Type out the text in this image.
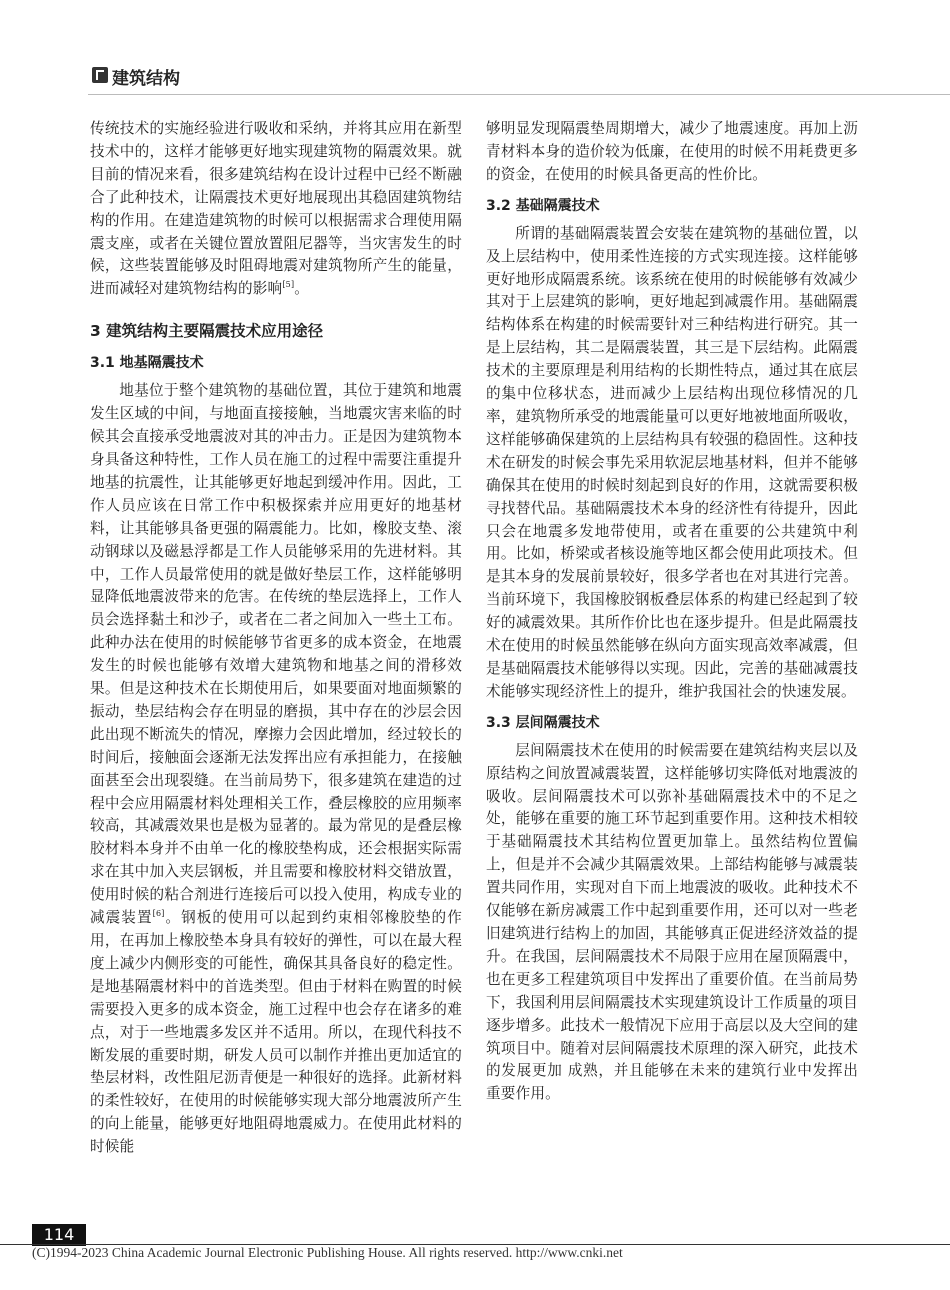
建筑结构

传统技术的实施经验进行吸收和采纳，并将其应用在新型技术中的，这样才能够更好地实现建筑物的隔震效果。就目前的情况来看，很多建筑结构在设计过程中已经不断融合了此种技术，让隔震技术更好地展现出其稳固建筑物结构的作用。在建造建筑物的时候可以根据需求合理使用隔震支座，或者在关键位置放置阻尼器等，当灾害发生的时候，这些装置能够及时阻碍地震对建筑物所产生的能量，进而减轻对建筑物结构的影响[5]。

3 建筑结构主要隔震技术应用途径
3.1 地基隔震技术

地基位于整个建筑物的基础位置，其位于建筑和地震发生区域的中间，与地面直接接触，当地震灾害来临的时候其会直接承受地震波对其的冲击力。正是因为建筑物本身具备这种特性，工作人员在施工的过程中需要注重提升地基的抗震性，让其能够更好地起到缓冲作用。因此，工作人员应该在日常工作中积极探索并应用更好的地基材料，让其能够具备更强的隔震能力。比如，橡胶支垫、滚动钢球以及磁悬浮都是工作人员能够采用的先进材料。其中，工作人员最常使用的就是做好垫层工作，这样能够明显降低地震波带来的危害。在传统的垫层选择上，工作人员会选择黏土和沙子，或者在二者之间加入一些土工布。此种办法在使用的时候能够节省更多的成本资金，在地震发生的时候也能够有效增大建筑物和地基之间的滑移效果。但是这种技术在长期使用后，如果要面对地面频繁的振动，垫层结构会存在明显的磨损，其中存在的沙层会因此出现不断流失的情况，摩擦力会因此增加，经过较长的时间后，接触面会逐渐无法发挥出应有承担能力，在接触面甚至会出现裂缝。在当前局势下，很多建筑在建造的过程中会应用隔震材料处理相关工作，叠层橡胶的应用频率较高，其减震效果也是极为显著的。最为常见的是叠层橡胶材料本身并不由单一化的橡胶垫构成，还会根据实际需求在其中加入夹层钢板，并且需要和橡胶材料交错放置，使用时候的粘合剂进行连接后可以投入使用，构成专业的减震装置[6]。钢板的使用可以起到约束相邻橡胶垫的作用，在再加上橡胶垫本身具有较好的弹性，可以在最大程度上减少内侧形变的可能性，确保其具备良好的稳定性。是地基隔震材料中的首选类型。但由于材料在购置的时候需要投入更多的成本资金，施工过程中也会存在诸多的难点，对于一些地震多发区并不适用。所以，在现代科技不断发展的重要时期，研发人员可以制作并推出更加适宜的垫层材料，改性阻尼沥青便是一种很好的选择。此新材料的柔性较好，在使用的时候能够实现大部分地震波所产生的向上能量，能够更好地阻碍地震威力。在使用此材料的时候能

够明显发现隔震垫周期增大，减少了地震速度。再加上沥青材料本身的造价较为低廉，在使用的时候不用耗费更多的资金，在使用的时候具备更高的性价比。

3.2 基础隔震技术

所谓的基础隔震装置会安装在建筑物的基础位置，以及上层结构中，使用柔性连接的方式实现连接。这样能够更好地形成隔震系统。该系统在使用的时候能够有效减少其对于上层建筑的影响，更好地起到减震作用。基础隔震结构体系在构建的时候需要针对三种结构进行研究。其一是上层结构，其二是隔震装置，其三是下层结构。此隔震技术的主要原理是利用结构的长期性特点，通过其在底层的集中位移状态，进而减少上层结构出现位移情况的几率，建筑物所承受的地震能量可以更好地被地面所吸收，这样能够确保建筑的上层结构具有较强的稳固性。这种技术在研发的时候会事先采用软泥层地基材料，但并不能够确保其在使用的时候时刻起到良好的作用，这就需要积极寻找替代品。基础隔震技术本身的经济性有待提升，因此只会在地震多发地带使用，或者在重要的公共建筑中利用。比如，桥梁或者核设施等地区都会使用此项技术。但是其本身的发展前景较好，很多学者也在对其进行完善。当前环境下，我国橡胶钢板叠层体系的构建已经起到了较好的减震效果。其所作价比也在逐步提升。但是此隔震技术在使用的时候虽然能够在纵向方面实现高效率减震，但是基础隔震技术能够得以实现。因此，完善的基础减震技术能够实现经济性上的提升，维护我国社会的快速发展。

3.3 层间隔震技术

层间隔震技术在使用的时候需要在建筑结构夹层以及原结构之间放置减震装置，这样能够切实降低对地震波的吸收。层间隔震技术可以弥补基础隔震技术中的不足之处，能够在重要的施工环节起到重要作用。这种技术相较于基础隔震技术其结构位置更加靠上。虽然结构位置偏上，但是并不会减少其隔震效果。上部结构能够与减震装置共同作用，实现对自下而上地震波的吸收。此种技术不仅能够在新房减震工作中起到重要作用，还可以对一些老旧建筑进行结构上的加固，其能够真正促进经济效益的提升。在我国，层间隔震技术不局限于应用在屋顶隔震中，也在更多工程建筑项目中发挥出了重要价值。在当前局势下，我国利用层间隔震技术实现建筑设计工作质量的项目逐步增多。此技术一般情况下应用于高层以及大空间的建筑项目中。随着对层间隔震技术原理的深入研究，此技术的发展更加 成熟，并且能够在未来的建筑行业中发挥出重要作用。

114
(C)1994-2023 China Academic Journal Electronic Publishing House. All rights reserved. http://www.cnki.net
